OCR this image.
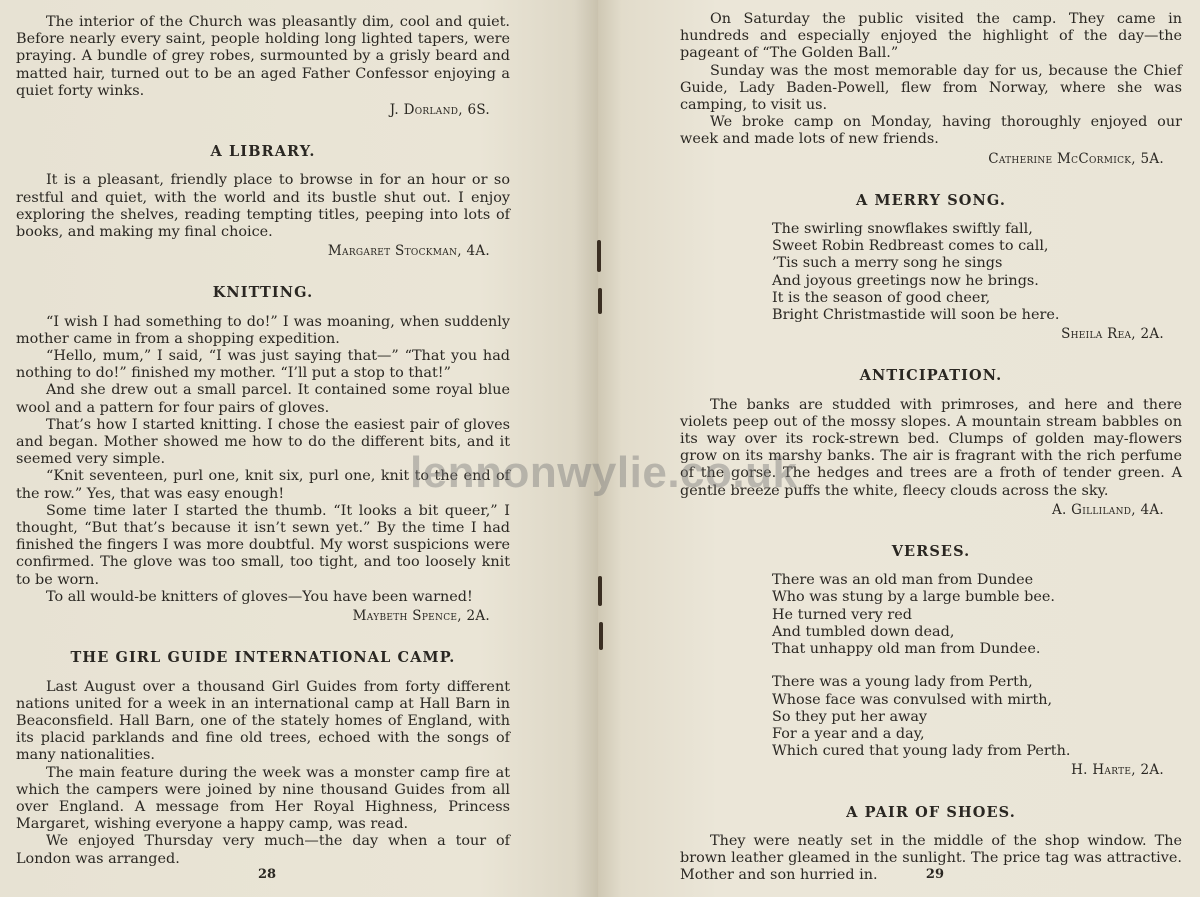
The interior of the Church was pleasantly dim, cool and quiet. Before nearly every saint, people holding long lighted tapers, were praying. A bundle of grey robes, surmounted by a grisly beard and matted hair, turned out to be an aged Father Confessor enjoying a quiet forty winks.

J. Dorland, 6S.
A LIBRARY.

It is a pleasant, friendly place to browse in for an hour or so restful and quiet, with the world and its bustle shut out. I enjoy exploring the shelves, reading tempting titles, peeping into lots of books, and making my final choice.

Margaret Stockman, 4A.
KNITTING.

“I wish I had something to do!” I was moaning, when suddenly mother came in from a shopping expedition.

“Hello, mum,” I said, “I was just saying that—” “That you had nothing to do!” finished my mother. “I’ll put a stop to that!”

And she drew out a small parcel. It contained some royal blue wool and a pattern for four pairs of gloves.

That’s how I started knitting. I chose the easiest pair of gloves and began. Mother showed me how to do the different bits, and it seemed very simple.

“Knit seventeen, purl one, knit six, purl one, knit to the end of the row.” Yes, that was easy enough!

Some time later I started the thumb. “It looks a bit queer,” I thought, “But that’s because it isn’t sewn yet.” By the time I had finished the fingers I was more doubtful. My worst suspicions were confirmed. The glove was too small, too tight, and too loosely knit to be worn.

To all would-be knitters of gloves—You have been warned!

Maybeth Spence, 2A.
THE GIRL GUIDE INTERNATIONAL CAMP.

Last August over a thousand Girl Guides from forty different nations united for a week in an international camp at Hall Barn in Beaconsfield. Hall Barn, one of the stately homes of England, with its placid parklands and fine old trees, echoed with the songs of many nationalities.

The main feature during the week was a monster camp fire at which the campers were joined by nine thousand Guides from all over England. A message from Her Royal Highness, Princess Margaret, wishing everyone a happy camp, was read.

We enjoyed Thursday very much—the day when a tour of London was arranged.

28

On Saturday the public visited the camp. They came in hundreds and especially enjoyed the highlight of the day—the pageant of “The Golden Ball.”

Sunday was the most memorable day for us, because the Chief Guide, Lady Baden-Powell, flew from Norway, where she was camping, to visit us.

We broke camp on Monday, having thoroughly enjoyed our week and made lots of new friends.

Catherine McCormick, 5A.
A MERRY SONG.
The swirling snowflakes swiftly fall,
Sweet Robin Redbreast comes to call,
’Tis such a merry song he sings
And joyous greetings now he brings.
It is the season of good cheer,
Bright Christmastide will soon be here.
Sheila Rea, 2A.
ANTICIPATION.

The banks are studded with primroses, and here and there violets peep out of the mossy slopes. A mountain stream babbles on its way over its rock-strewn bed. Clumps of golden may-flowers grow on its marshy banks. The air is fragrant with the rich perfume of the gorse. The hedges and trees are a froth of tender green. A gentle breeze puffs the white, fleecy clouds across the sky.

A. Gilliland, 4A.
VERSES.
There was an old man from Dundee
Who was stung by a large bumble bee.
He turned very red
And tumbled down dead,
That unhappy old man from Dundee.
There was a young lady from Perth,
Whose face was convulsed with mirth,
So they put her away
For a year and a day,
Which cured that young lady from Perth.
H. Harte, 2A.
A PAIR OF SHOES.

They were neatly set in the middle of the shop window. The brown leather gleamed in the sunlight. The price tag was attractive. Mother and son hurried in.	29
lennonwylie.co.uk
